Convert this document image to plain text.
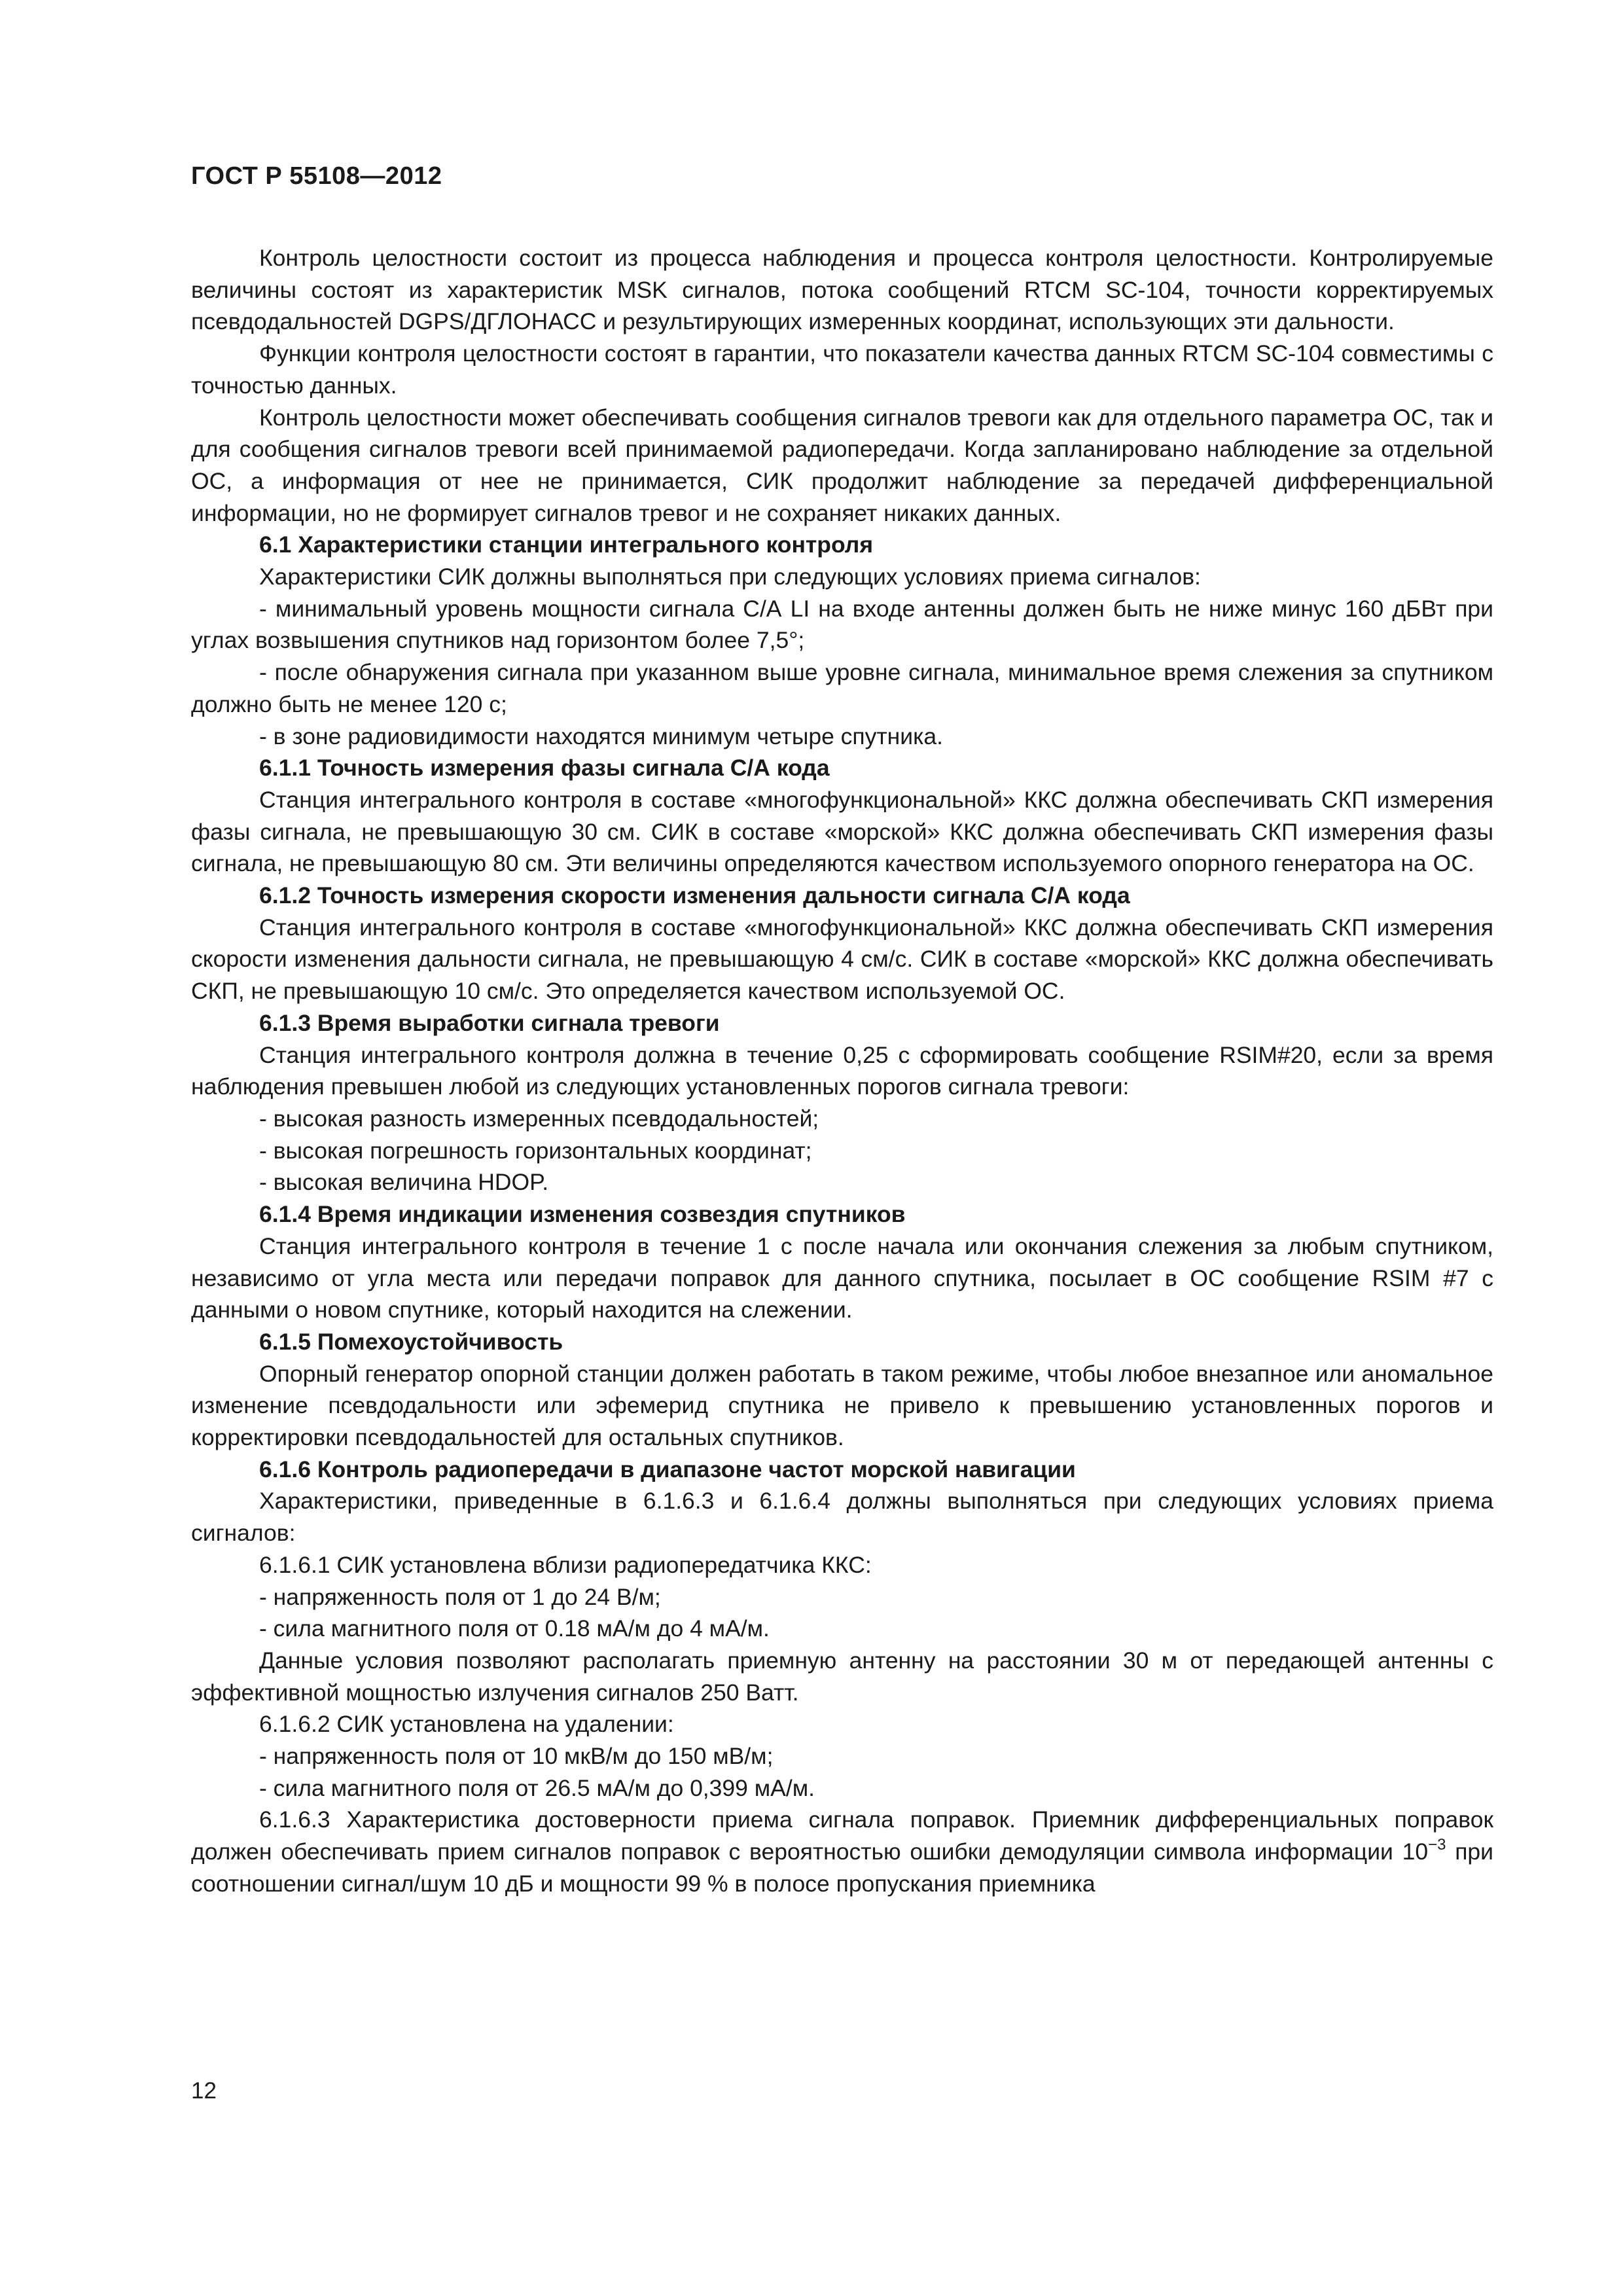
ГОСТ Р 55108—2012

Контроль целостности состоит из процесса наблюдения и процесса контроля целостности. Контролируемые величины состоят из характеристик MSK сигналов, потока сообщений RTCM SC-104, точности корректируемых псевдодальностей DGPS/ДГЛОНАСС и результирующих измеренных координат, использующих эти дальности.

Функции контроля целостности состоят в гарантии, что показатели качества данных RTCM SC-104 совместимы с точностью данных.

Контроль целостности может обеспечивать сообщения сигналов тревоги как для отдельного параметра ОС, так и для сообщения сигналов тревоги всей принимаемой радиопередачи. Когда запланировано наблюдение за отдельной ОС, а информация от нее не принимается, СИК продолжит наблюдение за передачей дифференциальной информации, но не формирует сигналов тревог и не сохраняет никаких данных.

6.1 Характеристики станции интегрального контроля

Характеристики СИК должны выполняться при следующих условиях приема сигналов:

- минимальный уровень мощности сигнала С/А LI на входе антенны должен быть не ниже минус 160 дБВт при углах возвышения спутников над горизонтом более 7,5°;

- после обнаружения сигнала при указанном выше уровне сигнала, минимальное время слежения за спутником должно быть не менее 120 с;

- в зоне радиовидимости находятся минимум четыре спутника.

6.1.1 Точность измерения фазы сигнала С/А кода

Станция интегрального контроля в составе «многофункциональной» ККС должна обеспечивать СКП измерения фазы сигнала, не превышающую 30 см. СИК в составе «морской» ККС должна обеспечивать СКП измерения фазы сигнала, не превышающую 80 см. Эти величины определяются качеством используемого опорного генератора на ОС.

6.1.2 Точность измерения скорости изменения дальности сигнала С/А кода

Станция интегрального контроля в составе «многофункциональной» ККС должна обеспечивать СКП измерения скорости изменения дальности сигнала, не превышающую 4 см/с. СИК в составе «морской» ККС должна обеспечивать СКП, не превышающую 10 см/с. Это определяется качеством используемой ОС.

6.1.3 Время выработки сигнала тревоги

Станция интегрального контроля должна в течение 0,25 с сформировать сообщение RSIM#20, если за время наблюдения превышен любой из следующих установленных порогов сигнала тревоги:

- высокая разность измеренных псевдодальностей;

- высокая погрешность горизонтальных координат;

- высокая величина HDOP.

6.1.4 Время индикации изменения созвездия спутников

Станция интегрального контроля в течение 1 с после начала или окончания слежения за любым спутником, независимо от угла места или передачи поправок для данного спутника, посылает в ОС сообщение RSIM #7 с данными о новом спутнике, который находится на слежении.

6.1.5 Помехоустойчивость

Опорный генератор опорной станции должен работать в таком режиме, чтобы любое внезапное или аномальное изменение псевдодальности или эфемерид спутника не привело к превышению установленных порогов и корректировки псевдодальностей для остальных спутников.

6.1.6 Контроль радиопередачи в диапазоне частот морской навигации

Характеристики, приведенные в 6.1.6.3 и 6.1.6.4 должны выполняться при следующих условиях приема сигналов:

6.1.6.1 СИК установлена вблизи радиопередатчика ККС:

- напряженность поля от 1 до 24 В/м;

- сила магнитного поля от 0.18 мА/м до 4 мА/м.

Данные условия позволяют располагать приемную антенну на расстоянии 30 м от передающей антенны с эффективной мощностью излучения сигналов 250 Ватт.

6.1.6.2 СИК установлена на удалении:

- напряженность поля от 10 мкВ/м до 150 мВ/м;

- сила магнитного поля от 26.5 мА/м до 0,399 мА/м.

6.1.6.3 Характеристика достоверности приема сигнала поправок. Приемник дифференциальных поправок должен обеспечивать прием сигналов поправок с вероятностью ошибки демодуляции символа информации $10^{-3}$ при соотношении сигнал/шум 10 дБ и мощности 99 % в полосе пропускания приемника

12
